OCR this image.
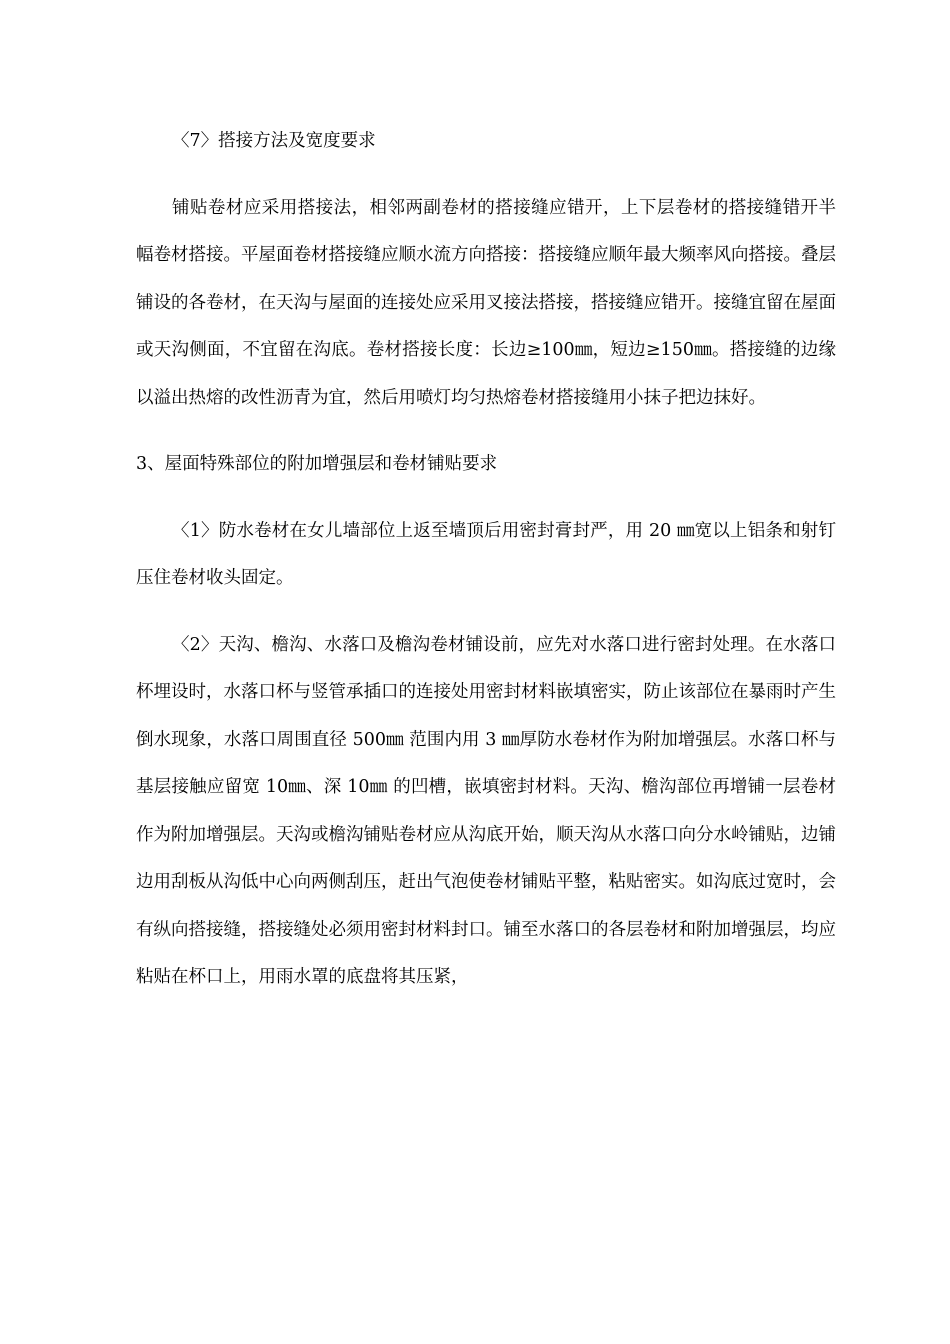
〈7〉搭接方法及宽度要求

铺贴卷材应采用搭接法，相邻两副卷材的搭接缝应错开，上下层卷材的搭接缝错开半幅卷材搭接。平屋面卷材搭接缝应顺水流方向搭接：搭接缝应顺年最大频率风向搭接。叠层铺设的各卷材，在天沟与屋面的连接处应采用叉接法搭接，搭接缝应错开。接缝宜留在屋面或天沟侧面，不宜留在沟底。卷材搭接长度：长边≥100㎜，短边≥150㎜。搭接缝的边缘以溢出热熔的改性沥青为宜，然后用喷灯均匀热熔卷材搭接缝用小抹子把边抹好。

3、屋面特殊部位的附加增强层和卷材铺贴要求

〈1〉防水卷材在女儿墙部位上返至墙顶后用密封膏封严，用 20 ㎜宽以上铝条和射钉压住卷材收头固定。

〈2〉天沟、檐沟、水落口及檐沟卷材铺设前，应先对水落口进行密封处理。在水落口杯埋设时，水落口杯与竖管承插口的连接处用密封材料嵌填密实，防止该部位在暴雨时产生倒水现象，水落口周围直径 500㎜ 范围内用 3 ㎜厚防水卷材作为附加增强层。水落口杯与基层接触应留宽 10㎜、深 10㎜ 的凹槽，嵌填密封材料。天沟、檐沟部位再增铺一层卷材作为附加增强层。天沟或檐沟铺贴卷材应从沟底开始，顺天沟从水落口向分水岭铺贴，边铺边用刮板从沟低中心向两侧刮压，赶出气泡使卷材铺贴平整，粘贴密实。如沟底过宽时，会有纵向搭接缝，搭接缝处必须用密封材料封口。铺至水落口的各层卷材和附加增强层，均应粘贴在杯口上，用雨水罩的底盘将其压紧，
